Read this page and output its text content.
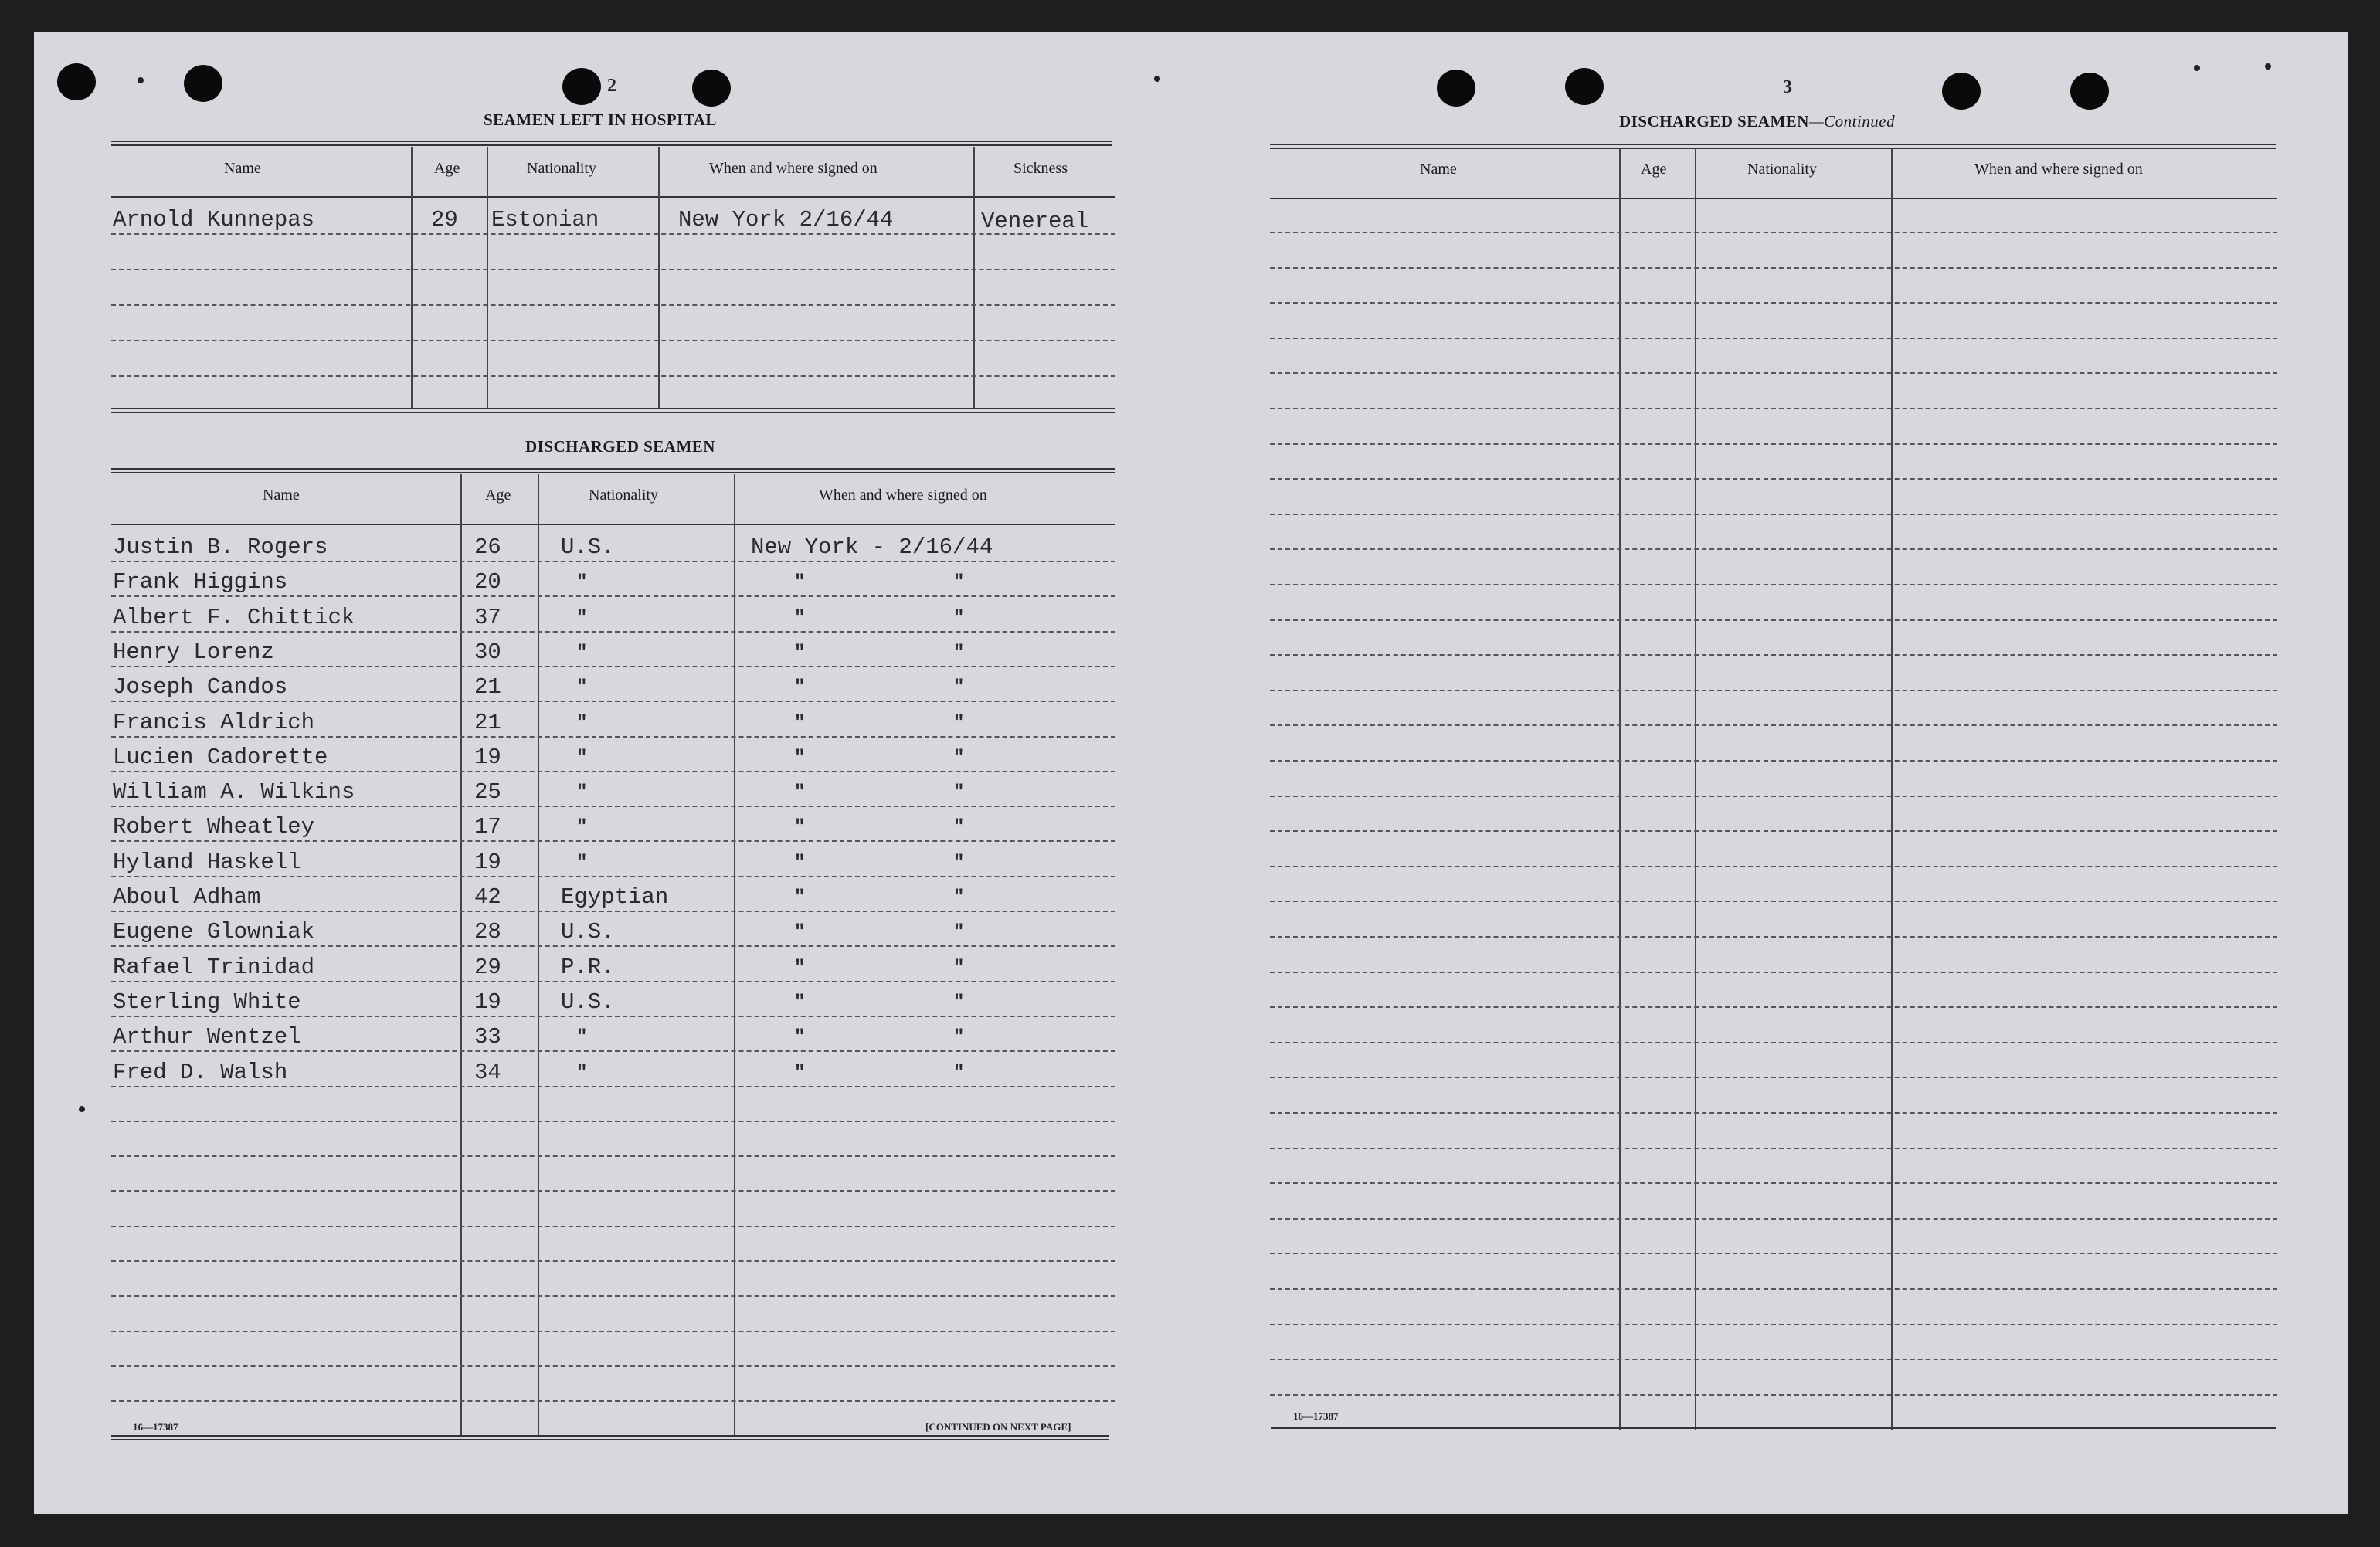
2
SEAMEN LEFT IN HOSPITAL
Name	Age	Nationality	When and where signed on	Sickness
Arnold Kunnepas	29 Estonian	New York 2/16/44	Venereal
DISCHARGED SEAMEN
Name	Age	Nationality	When and where signed on
Justin B. Rogers	26	U.S.	New York - 2/16/44
Frank Higgins	20	"	"	"
Albert F. Chittick	37	"	"	"
Henry Lorenz	30	"	"	"
Joseph Candos	21	"	"	"
Francis Aldrich	21	"	"	"
Lucien Cadorette	19	"	"	"
William A. Wilkins	25	"	"	"
Robert Wheatley	17	"	"	"
Hyland Haskell	19	"	"	"
Aboul Adham	42	Egyptian	"	"
Eugene Glowniak	28	U.S.	"	"
Rafael Trinidad	29	P.R.	"	"
Sterling White	19	U.S.	"	"
Arthur Wentzel	33	"	"	"
Fred D. Walsh	34	"	"	"
16—17387	[CONTINUED ON NEXT PAGE]
3
DISCHARGED SEAMEN—Continued
Name	Age	Nationality	When and where signed on
16—17387
